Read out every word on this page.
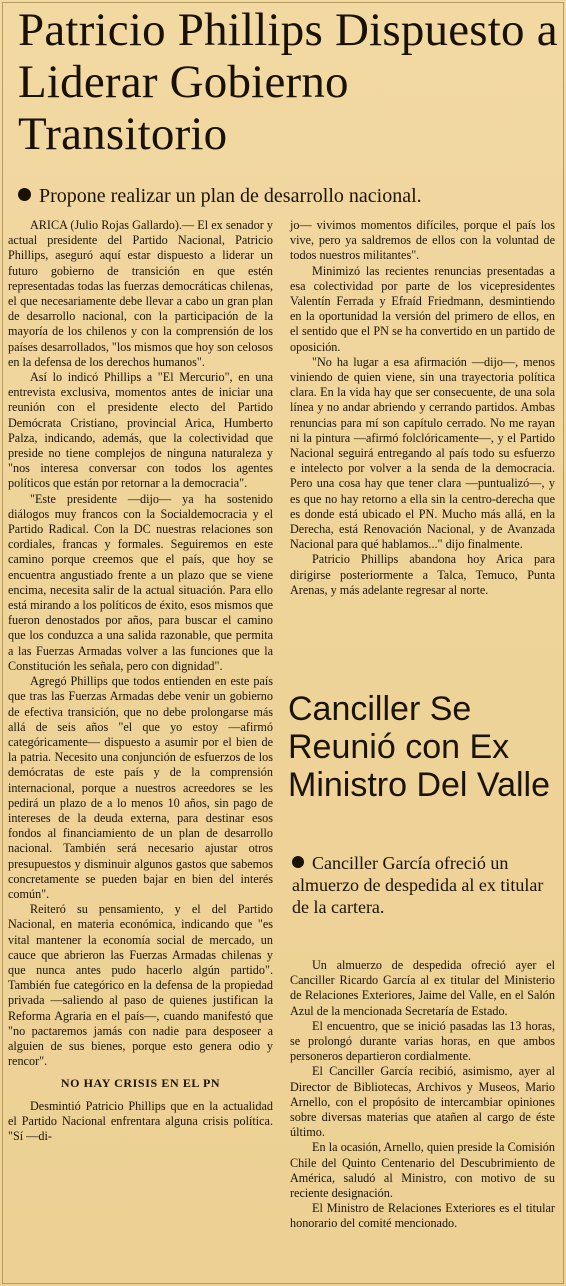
Patricio Phillips Dispuesto a Liderar Gobierno Transitorio

Propone realizar un plan de desarrollo nacional.

ARICA (Julio Rojas Gallardo).— El ex senador y actual presidente del Partido Nacional, Patricio Phillips, aseguró aquí estar dispuesto a liderar un futuro gobierno de transición en que estén representadas todas las fuerzas democráticas chilenas, el que necesariamente debe llevar a cabo un gran plan de desarrollo nacional, con la participación de la mayoría de los chilenos y con la comprensión de los países desarrollados, "los mismos que hoy son celosos en la defensa de los derechos humanos".

Así lo indicó Phillips a "El Mercurio", en una entrevista exclusiva, momentos antes de iniciar una reunión con el presidente electo del Partido Demócrata Cristiano, provincial Arica, Humberto Palza, indicando, además, que la colectividad que preside no tiene complejos de ninguna naturaleza y "nos interesa conversar con todos los agentes políticos que están por retornar a la democracia".

"Este presidente —dijo— ya ha sostenido diálogos muy francos con la Socialdemocracia y el Partido Radical. Con la DC nuestras relaciones son cordiales, francas y formales. Seguiremos en este camino porque creemos que el país, que hoy se encuentra angustiado frente a un plazo que se viene encima, necesita salir de la actual situación. Para ello está mirando a los políticos de éxito, esos mismos que fueron denostados por años, para buscar el camino que los conduzca a una salida razonable, que permita a las Fuerzas Armadas volver a las funciones que la Constitución les señala, pero con dignidad".

Agregó Phillips que todos entienden en este país que tras las Fuerzas Armadas debe venir un gobierno de efectiva transición, que no debe prolongarse más allá de seis años "el que yo estoy —afirmó categóricamente— dispuesto a asumir por el bien de la patria. Necesito una conjunción de esfuerzos de los demócratas de este país y de la comprensión internacional, porque a nuestros acreedores se les pedirá un plazo de a lo menos 10 años, sin pago de intereses de la deuda externa, para destinar esos fondos al financiamiento de un plan de desarrollo nacional. También será necesario ajustar otros presupuestos y disminuir algunos gastos que sabemos concretamente se pueden bajar en bien del interés común".

Reiteró su pensamiento, y el del Partido Nacional, en materia económica, indicando que "es vital mantener la economía social de mercado, un cauce que abrieron las Fuerzas Armadas chilenas y que nunca antes pudo hacerlo algún partido". También fue categórico en la defensa de la propiedad privada —saliendo al paso de quienes justifican la Reforma Agraria en el país—, cuando manifestó que "no pactaremos jamás con nadie para desposeer a alguien de sus bienes, porque esto genera odio y rencor".

NO HAY CRISIS EN EL PN

Desmintió Patricio Phillips que en la actualidad el Partido Nacional enfrentara alguna crisis política. "Sí —di-

jo— vivimos momentos difíciles, porque el país los vive, pero ya saldremos de ellos con la voluntad de todos nuestros militantes".

Minimizó las recientes renuncias presentadas a esa colectividad por parte de los vicepresidentes Valentín Ferrada y Efraíd Friedmann, desmintiendo en la oportunidad la versión del primero de ellos, en el sentido que el PN se ha convertido en un partido de oposición.

"No ha lugar a esa afirmación —dijo—, menos viniendo de quien viene, sin una trayectoria política clara. En la vida hay que ser consecuente, de una sola línea y no andar abriendo y cerrando partidos. Ambas renuncias para mí son capítulo cerrado. No me rayan ni la pintura —afirmó folclóricamente—, y el Partido Nacional seguirá entregando al país todo su esfuerzo e intelecto por volver a la senda de la democracia. Pero una cosa hay que tener clara —puntualizó—, y es que no hay retorno a ella sin la centro-derecha que es donde está ubicado el PN. Mucho más allá, en la Derecha, está Renovación Nacional, y de Avanzada Nacional para qué hablamos..." dijo finalmente.

Patricio Phillips abandona hoy Arica para dirigirse posteriormente a Talca, Temuco, Punta Arenas, y más adelante regresar al norte.

Canciller Se Reunió con Ex Ministro Del Valle

Canciller García ofreció un almuerzo de despedida al ex titular de la cartera.

Un almuerzo de despedida ofreció ayer el Canciller Ricardo García al ex titular del Ministerio de Relaciones Exteriores, Jaime del Valle, en el Salón Azul de la mencionada Secretaría de Estado.

El encuentro, que se inició pasadas las 13 horas, se prolongó durante varias horas, en que ambos personeros departieron cordialmente.

El Canciller García recibió, asimismo, ayer al Director de Bibliotecas, Archivos y Museos, Mario Arnello, con el propósito de intercambiar opiniones sobre diversas materias que atañen al cargo de éste último.

En la ocasión, Arnello, quien preside la Comisión Chile del Quinto Centenario del Descubrimiento de América, saludó al Ministro, con motivo de su reciente designación.

El Ministro de Relaciones Exteriores es el titular honorario del comité mencionado.
